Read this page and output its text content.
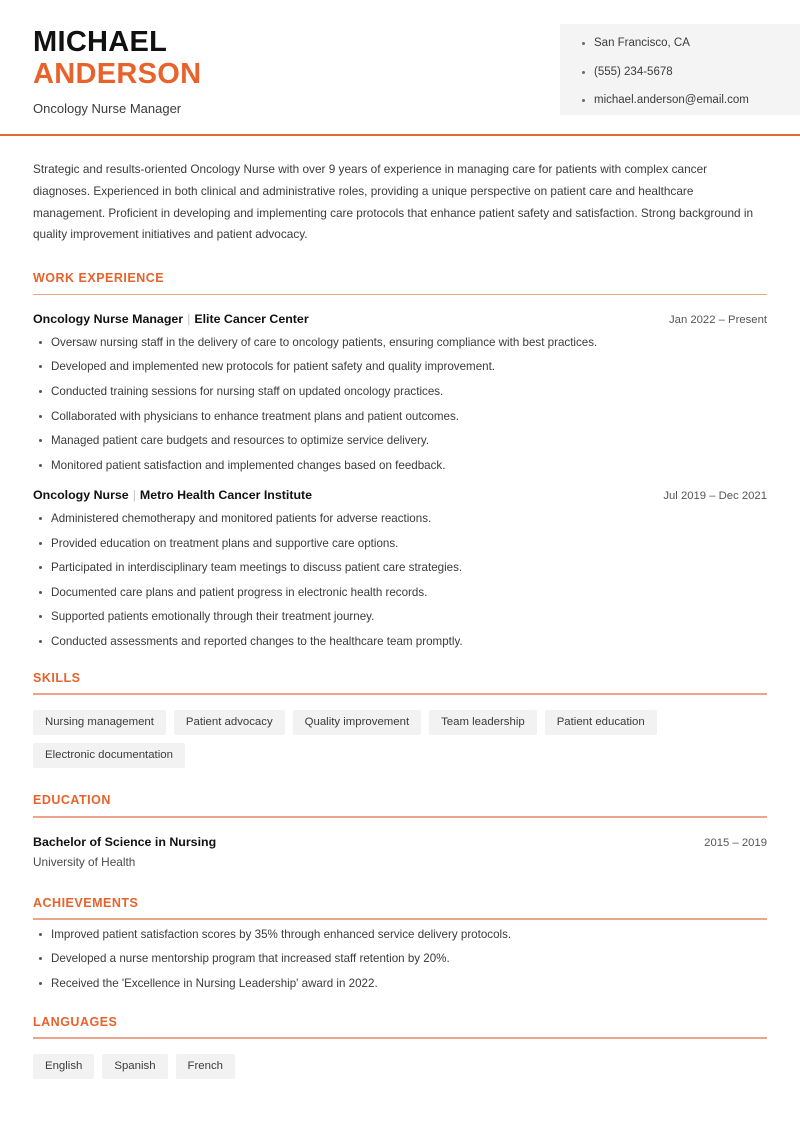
San Francisco, CA
(555) 234-5678
michael.anderson@email.com
MICHAEL
ANDERSON
Oncology Nurse Manager
Strategic and results-oriented Oncology Nurse with over 9 years of experience in managing care for patients with complex cancer diagnoses. Experienced in both clinical and administrative roles, providing a unique perspective on patient care and healthcare management. Proficient in developing and implementing care protocols that enhance patient safety and satisfaction. Strong background in quality improvement initiatives and patient advocacy.
WORK EXPERIENCE
Oncology Nurse Manager | Elite Cancer Center	Jan 2022 – Present
Oversaw nursing staff in the delivery of care to oncology patients, ensuring compliance with best practices.
Developed and implemented new protocols for patient safety and quality improvement.
Conducted training sessions for nursing staff on updated oncology practices.
Collaborated with physicians to enhance treatment plans and patient outcomes.
Managed patient care budgets and resources to optimize service delivery.
Monitored patient satisfaction and implemented changes based on feedback.
Oncology Nurse | Metro Health Cancer Institute	Jul 2019 – Dec 2021
Administered chemotherapy and monitored patients for adverse reactions.
Provided education on treatment plans and supportive care options.
Participated in interdisciplinary team meetings to discuss patient care strategies.
Documented care plans and patient progress in electronic health records.
Supported patients emotionally through their treatment journey.
Conducted assessments and reported changes to the healthcare team promptly.
SKILLS
Nursing management	Patient advocacy	Quality improvement	Team leadership	Patient education
Electronic documentation
EDUCATION
Bachelor of Science in Nursing	2015 – 2019
University of Health
ACHIEVEMENTS
Improved patient satisfaction scores by 35% through enhanced service delivery protocols.
Developed a nurse mentorship program that increased staff retention by 20%.
Received the 'Excellence in Nursing Leadership' award in 2022.
LANGUAGES
English	Spanish	French
